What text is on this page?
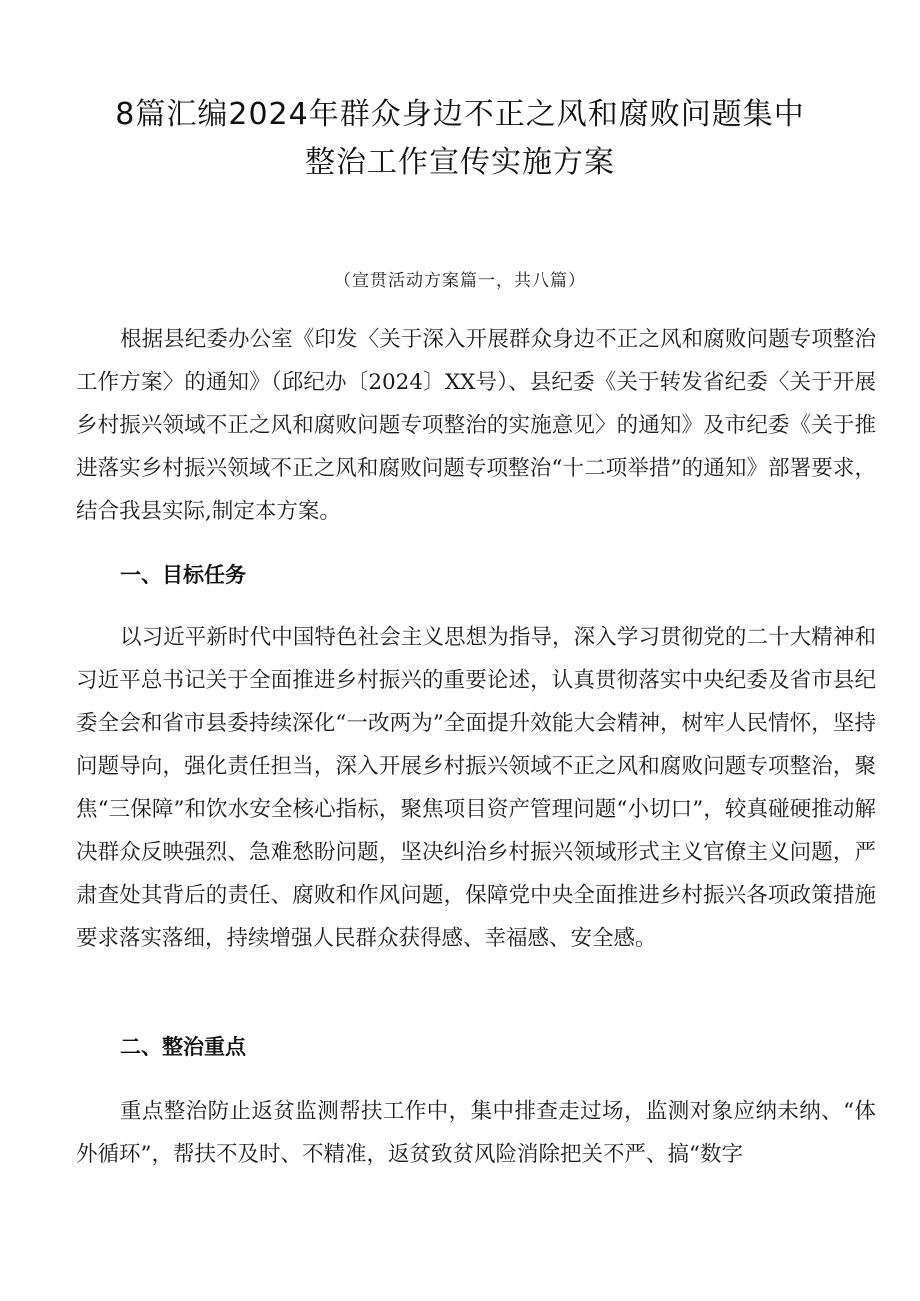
8篇汇编2024年群众身边不正之风和腐败问题集中
整治工作宣传实施方案
（宣贯活动方案篇一，共八篇）

根据县纪委办公室《印发〈关于深入开展群众身边不正之风和腐败问题专项整治工作方案〉的通知》（邱纪办〔2024〕XX号）、县纪委《关于转发省纪委〈关于开展乡村振兴领域不正之风和腐败问题专项整治的实施意见〉的通知》及市纪委《关于推进落实乡村振兴领域不正之风和腐败问题专项整治“十二项举措”的通知》部署要求，结合我县实际,制定本方案。

一、目标任务

以习近平新时代中国特色社会主义思想为指导，深入学习贯彻党的二十大精神和习近平总书记关于全面推进乡村振兴的重要论述，认真贯彻落实中央纪委及省市县纪委全会和省市县委持续深化“一改两为”全面提升效能大会精神，树牢人民情怀，坚持问题导向，强化责任担当，深入开展乡村振兴领域不正之风和腐败问题专项整治，聚焦“三保障”和饮水安全核心指标，聚焦项目资产管理问题“小切口”，较真碰硬推动解决群众反映强烈、急难愁盼问题，坚决纠治乡村振兴领域形式主义官僚主义问题，严肃查处其背后的责任、腐败和作风问题，保障党中央全面推进乡村振兴各项政策措施要求落实落细，持续增强人民群众获得感、幸福感、安全感。

二、整治重点

重点整治防止返贫监测帮扶工作中，集中排查走过场，监测对象应纳未纳、“体外循环”，帮扶不及时、不精准，返贫致贫风险消除把关不严、搞“数字
